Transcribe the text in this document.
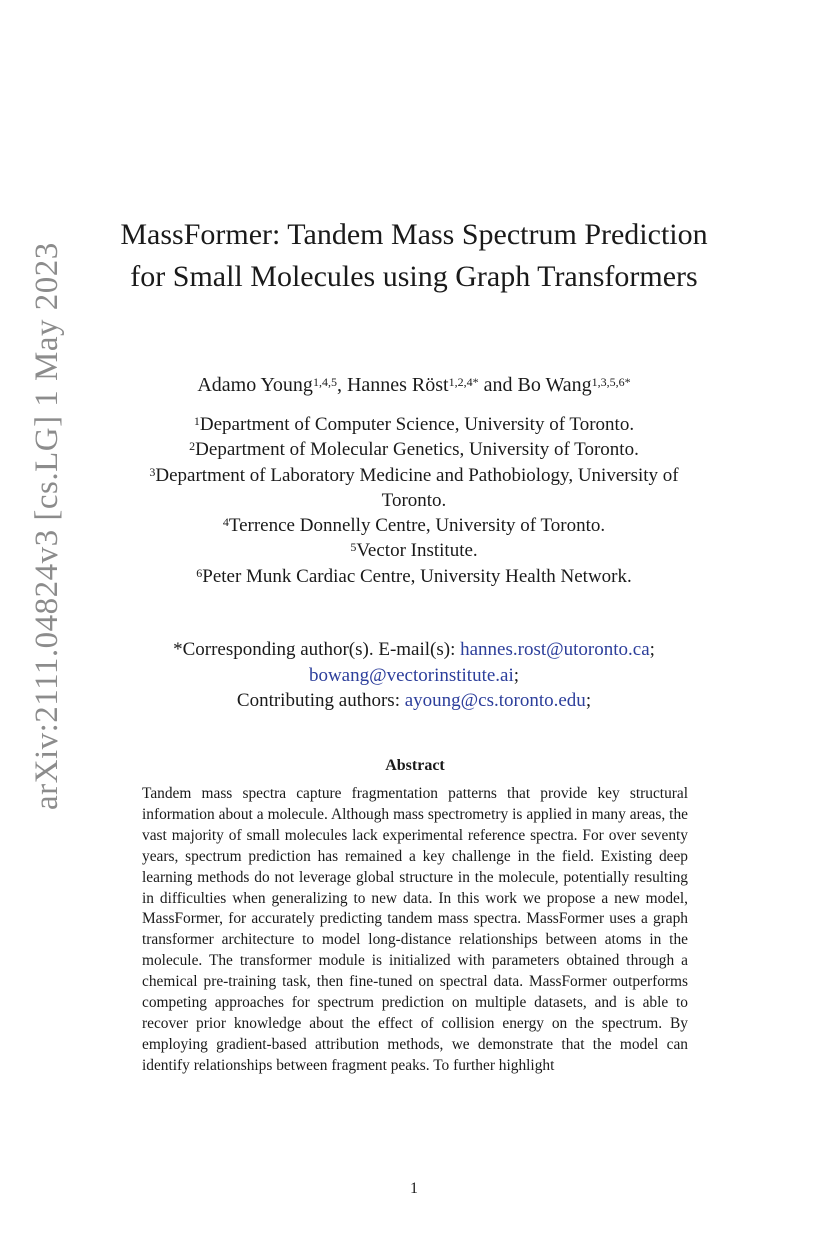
arXiv:2111.04824v3 [cs.LG] 1 May 2023
MassFormer: Tandem Mass Spectrum Prediction for Small Molecules using Graph Transformers
Adamo Young$^{1,4,5}$, Hannes Röst$^{1,2,4*}$ and Bo Wang$^{1,3,5,6*}$
$^1$Department of Computer Science, University of Toronto.
$^2$Department of Molecular Genetics, University of Toronto.
$^3$Department of Laboratory Medicine and Pathobiology, University of Toronto.
$^4$Terrence Donnelly Centre, University of Toronto.
$^5$Vector Institute.
$^6$Peter Munk Cardiac Centre, University Health Network.
*Corresponding author(s). E-mail(s): hannes.rost@utoronto.ca;
bowang@vectorinstitute.ai;
Contributing authors: ayoung@cs.toronto.edu;
Abstract

Tandem mass spectra capture fragmentation patterns that provide key structural information about a molecule. Although mass spectrometry is applied in many areas, the vast majority of small molecules lack experimental reference spectra. For over seventy years, spectrum prediction has remained a key challenge in the field. Existing deep learning methods do not leverage global structure in the molecule, potentially resulting in difficulties when generalizing to new data. In this work we propose a new model, MassFormer, for accurately predicting tandem mass spectra. MassFormer uses a graph transformer architecture to model long-distance relationships between atoms in the molecule. The transformer module is initialized with parameters obtained through a chemical pre-training task, then fine-tuned on spectral data. MassFormer outperforms competing approaches for spectrum prediction on multiple datasets, and is able to recover prior knowledge about the effect of collision energy on the spectrum. By employing gradient-based attribution methods, we demonstrate that the model can identify relationships between fragment peaks. To further highlight

1
